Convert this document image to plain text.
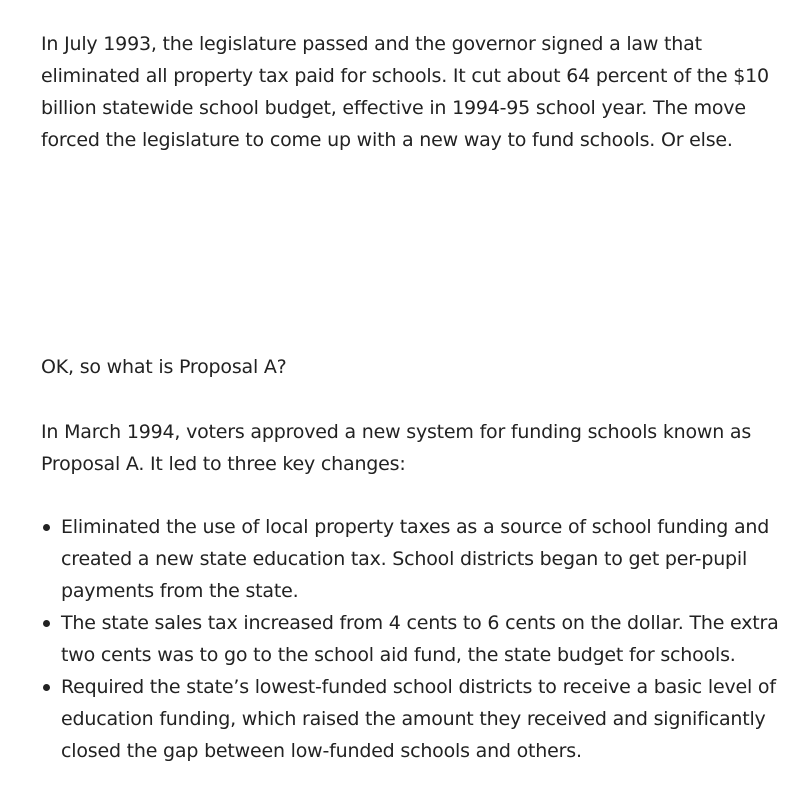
In July 1993, the legislature passed and the governor signed a law that eliminated all property tax paid for schools. It cut about 64 percent of the $10 billion statewide school budget, effective in 1994-95 school year. The move forced the legislature to come up with a new way to fund schools. Or else.

OK, so what is Proposal A?

In March 1994, voters approved a new system for funding schools known as Proposal A. It led to three key changes:

Eliminated the use of local property taxes as a source of school funding and created a new state education tax. School districts began to get per-pupil payments from the state.
The state sales tax increased from 4 cents to 6 cents on the dollar. The extra two cents was to go to the school aid fund, the state budget for schools.
Required the state’s lowest-funded school districts to receive a basic level of education funding, which raised the amount they received and significantly closed the gap between low-funded schools and others.
